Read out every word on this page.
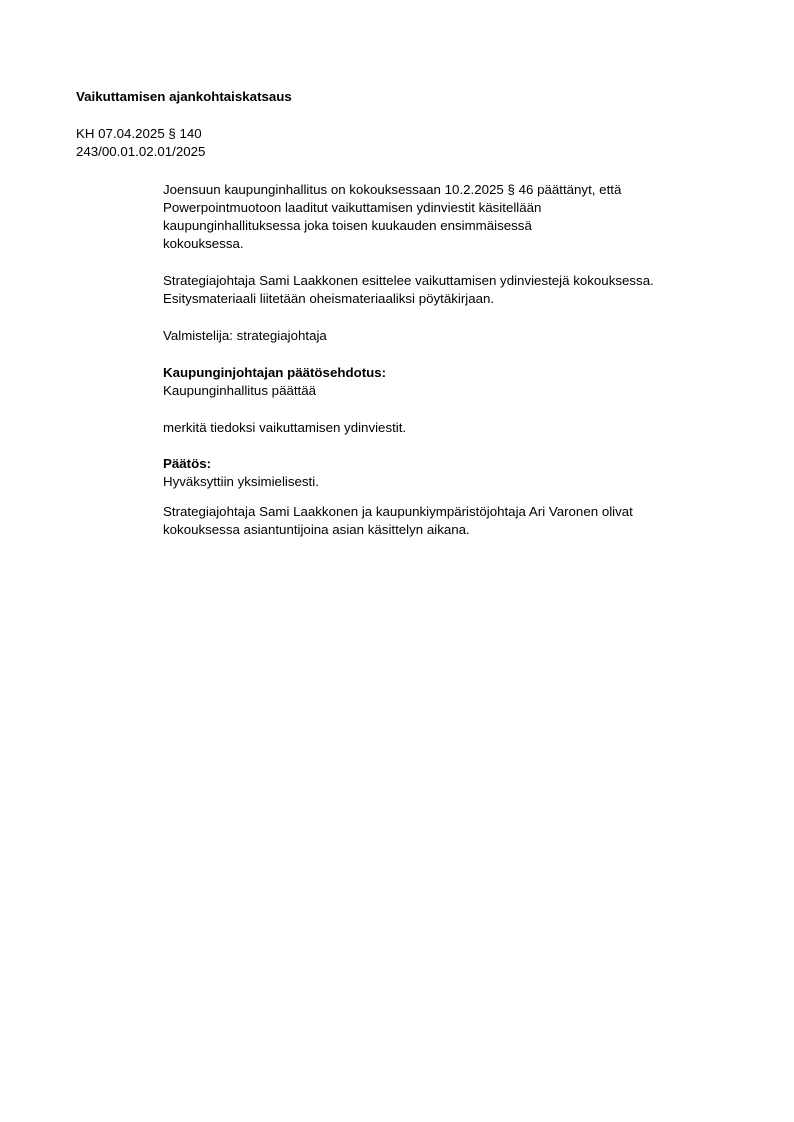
Vaikuttamisen ajankohtaiskatsaus
KH 07.04.2025 § 140
243/00.01.02.01/2025

Joensuun kaupunginhallitus on kokouksessaan 10.2.2025 § 46 päättänyt, että
Powerpointmuotoon laaditut vaikuttamisen ydinviestit käsitellään
kaupunginhallituksessa joka toisen kuukauden ensimmäisessä
kokouksessa.

Strategiajohtaja Sami Laakkonen esittelee vaikuttamisen ydinviestejä kokouksessa.
Esitysmateriaali liitetään oheismateriaaliksi pöytäkirjaan.

Valmistelija: strategiajohtaja

Kaupunginjohtajan päätösehdotus:

Kaupunginhallitus päättää

merkitä tiedoksi vaikuttamisen ydinviestit.

Päätös:

Hyväksyttiin yksimielisesti.

Strategiajohtaja Sami Laakkonen ja kaupunkiympäristöjohtaja Ari Varonen olivat
kokouksessa asiantuntijoina asian käsittelyn aikana.
